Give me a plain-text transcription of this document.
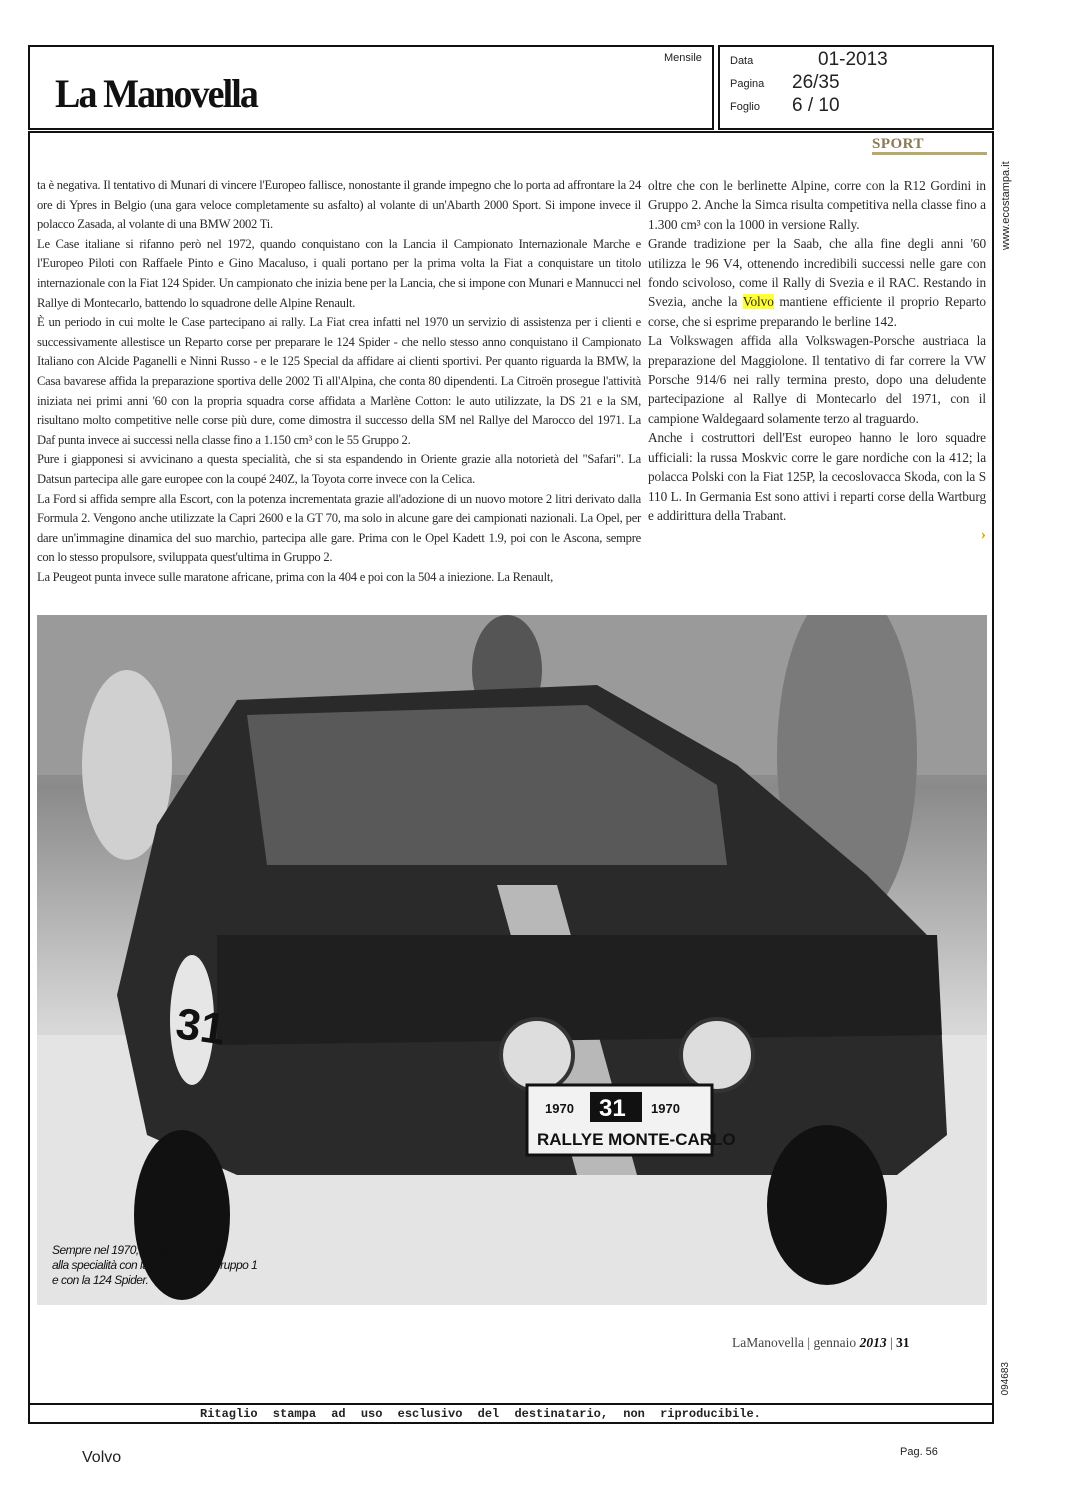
La Manovella
Mensile	Data	01-2013
Pagina 26/35
Foglio 6 / 10
SPORT
www.ecostampa.it
094683

ta è negativa. Il tentativo di Munari di vincere l'Europeo fallisce, nonostante il grande impegno che lo porta ad affrontare la 24 ore di Ypres in Belgio (una gara veloce completamente su asfalto) al volante di un'Abarth 2000 Sport. Si impone invece il polacco Zasada, al volante di una BMW 2002 Ti.

Le Case italiane si rifanno però nel 1972, quando conquistano con la Lancia il Campionato Internazionale Marche e l'Europeo Piloti con Raffaele Pinto e Gino Macaluso, i quali portano per la prima volta la Fiat a conquistare un titolo internazionale con la Fiat 124 Spider. Un campionato che inizia bene per la Lancia, che si impone con Munari e Mannucci nel Rallye di Montecarlo, battendo lo squadrone delle Alpine Renault.

È un periodo in cui molte le Case partecipano ai rally. La Fiat crea infatti nel 1970 un servizio di assistenza per i clienti e successivamente allestisce un Reparto corse per preparare le 124 Spider - che nello stesso anno conquistano il Campionato Italiano con Alcide Paganelli e Ninni Russo - e le 125 Special da affidare ai clienti sportivi. Per quanto riguarda la BMW, la Casa bavarese affida la preparazione sportiva delle 2002 Ti all'Alpina, che conta 80 dipendenti. La Citroën prosegue l'attività iniziata nei primi anni '60 con la propria squadra corse affidata a Marlène Cotton: le auto utilizzate, la DS 21 e la SM, risultano molto competitive nelle corse più dure, come dimostra il successo della SM nel Rallye del Marocco del 1971. La Daf punta invece ai successi nella classe fino a 1.150 cm³ con le 55 Gruppo 2.

Pure i giapponesi si avvicinano a questa specialità, che si sta espandendo in Oriente grazie alla notorietà del "Safari". La Datsun partecipa alle gare europee con la coupé 240Z, la Toyota corre invece con la Celica.

La Ford si affida sempre alla Escort, con la potenza incrementata grazie all'adozione di un nuovo motore 2 litri derivato dalla Formula 2. Vengono anche utilizzate la Capri 2600 e la GT 70, ma solo in alcune gare dei campionati nazionali. La Opel, per dare un'immagine dinamica del suo marchio, partecipa alle gare. Prima con le Opel Kadett 1.9, poi con le Ascona, sempre con lo stesso propulsore, sviluppata quest'ultima in Gruppo 2.

La Peugeot punta invece sulle maratone africane, prima con la 404 e poi con la 504 a iniezione. La Renault,

oltre che con le berlinette Alpine, corre con la R12 Gordini in Gruppo 2. Anche la Simca risulta competitiva nella classe fino a 1.300 cm³ con la 1000 in versione Rally.

Grande tradizione per la Saab, che alla fine degli anni '60 utilizza le 96 V4, ottenendo incredibili successi nelle gare con fondo scivoloso, come il Rally di Svezia e il RAC. Restando in Svezia, anche la Volvo mantiene efficiente il proprio Reparto corse, che si esprime preparando le berline 142.

La Volkswagen affida alla Volkswagen-Porsche austriaca la preparazione del Maggiolone. Il tentativo di far correre la VW Porsche 914/6 nei rally termina presto, dopo una deludente partecipazione al Rallye di Montecarlo del 1971, con il campione Waldegaard solamente terzo al traguardo.

Anche i costruttori dell'Est europeo hanno le loro squadre ufficiali: la russa Moskvic corre le gare nordiche con la 412; la polacca Polski con la Fiat 125P, la cecoslovacca Skoda, con la S 110 L. In Germania Est sono attivi i reparti corse della Wartburg e addirittura della Trabant.

›

1970 31 1970
RALLYE MONTE-CARLO
31
Sempre nel 1970, la Fiat si avvicina
alla specialità con la 125 Special Gruppo 1
e con la 124 Spider.
LaManovella | gennaio 2013 | 31
Ritaglio stampa ad uso esclusivo del destinatario, non riproducibile.
Volvo	Pag. 56
